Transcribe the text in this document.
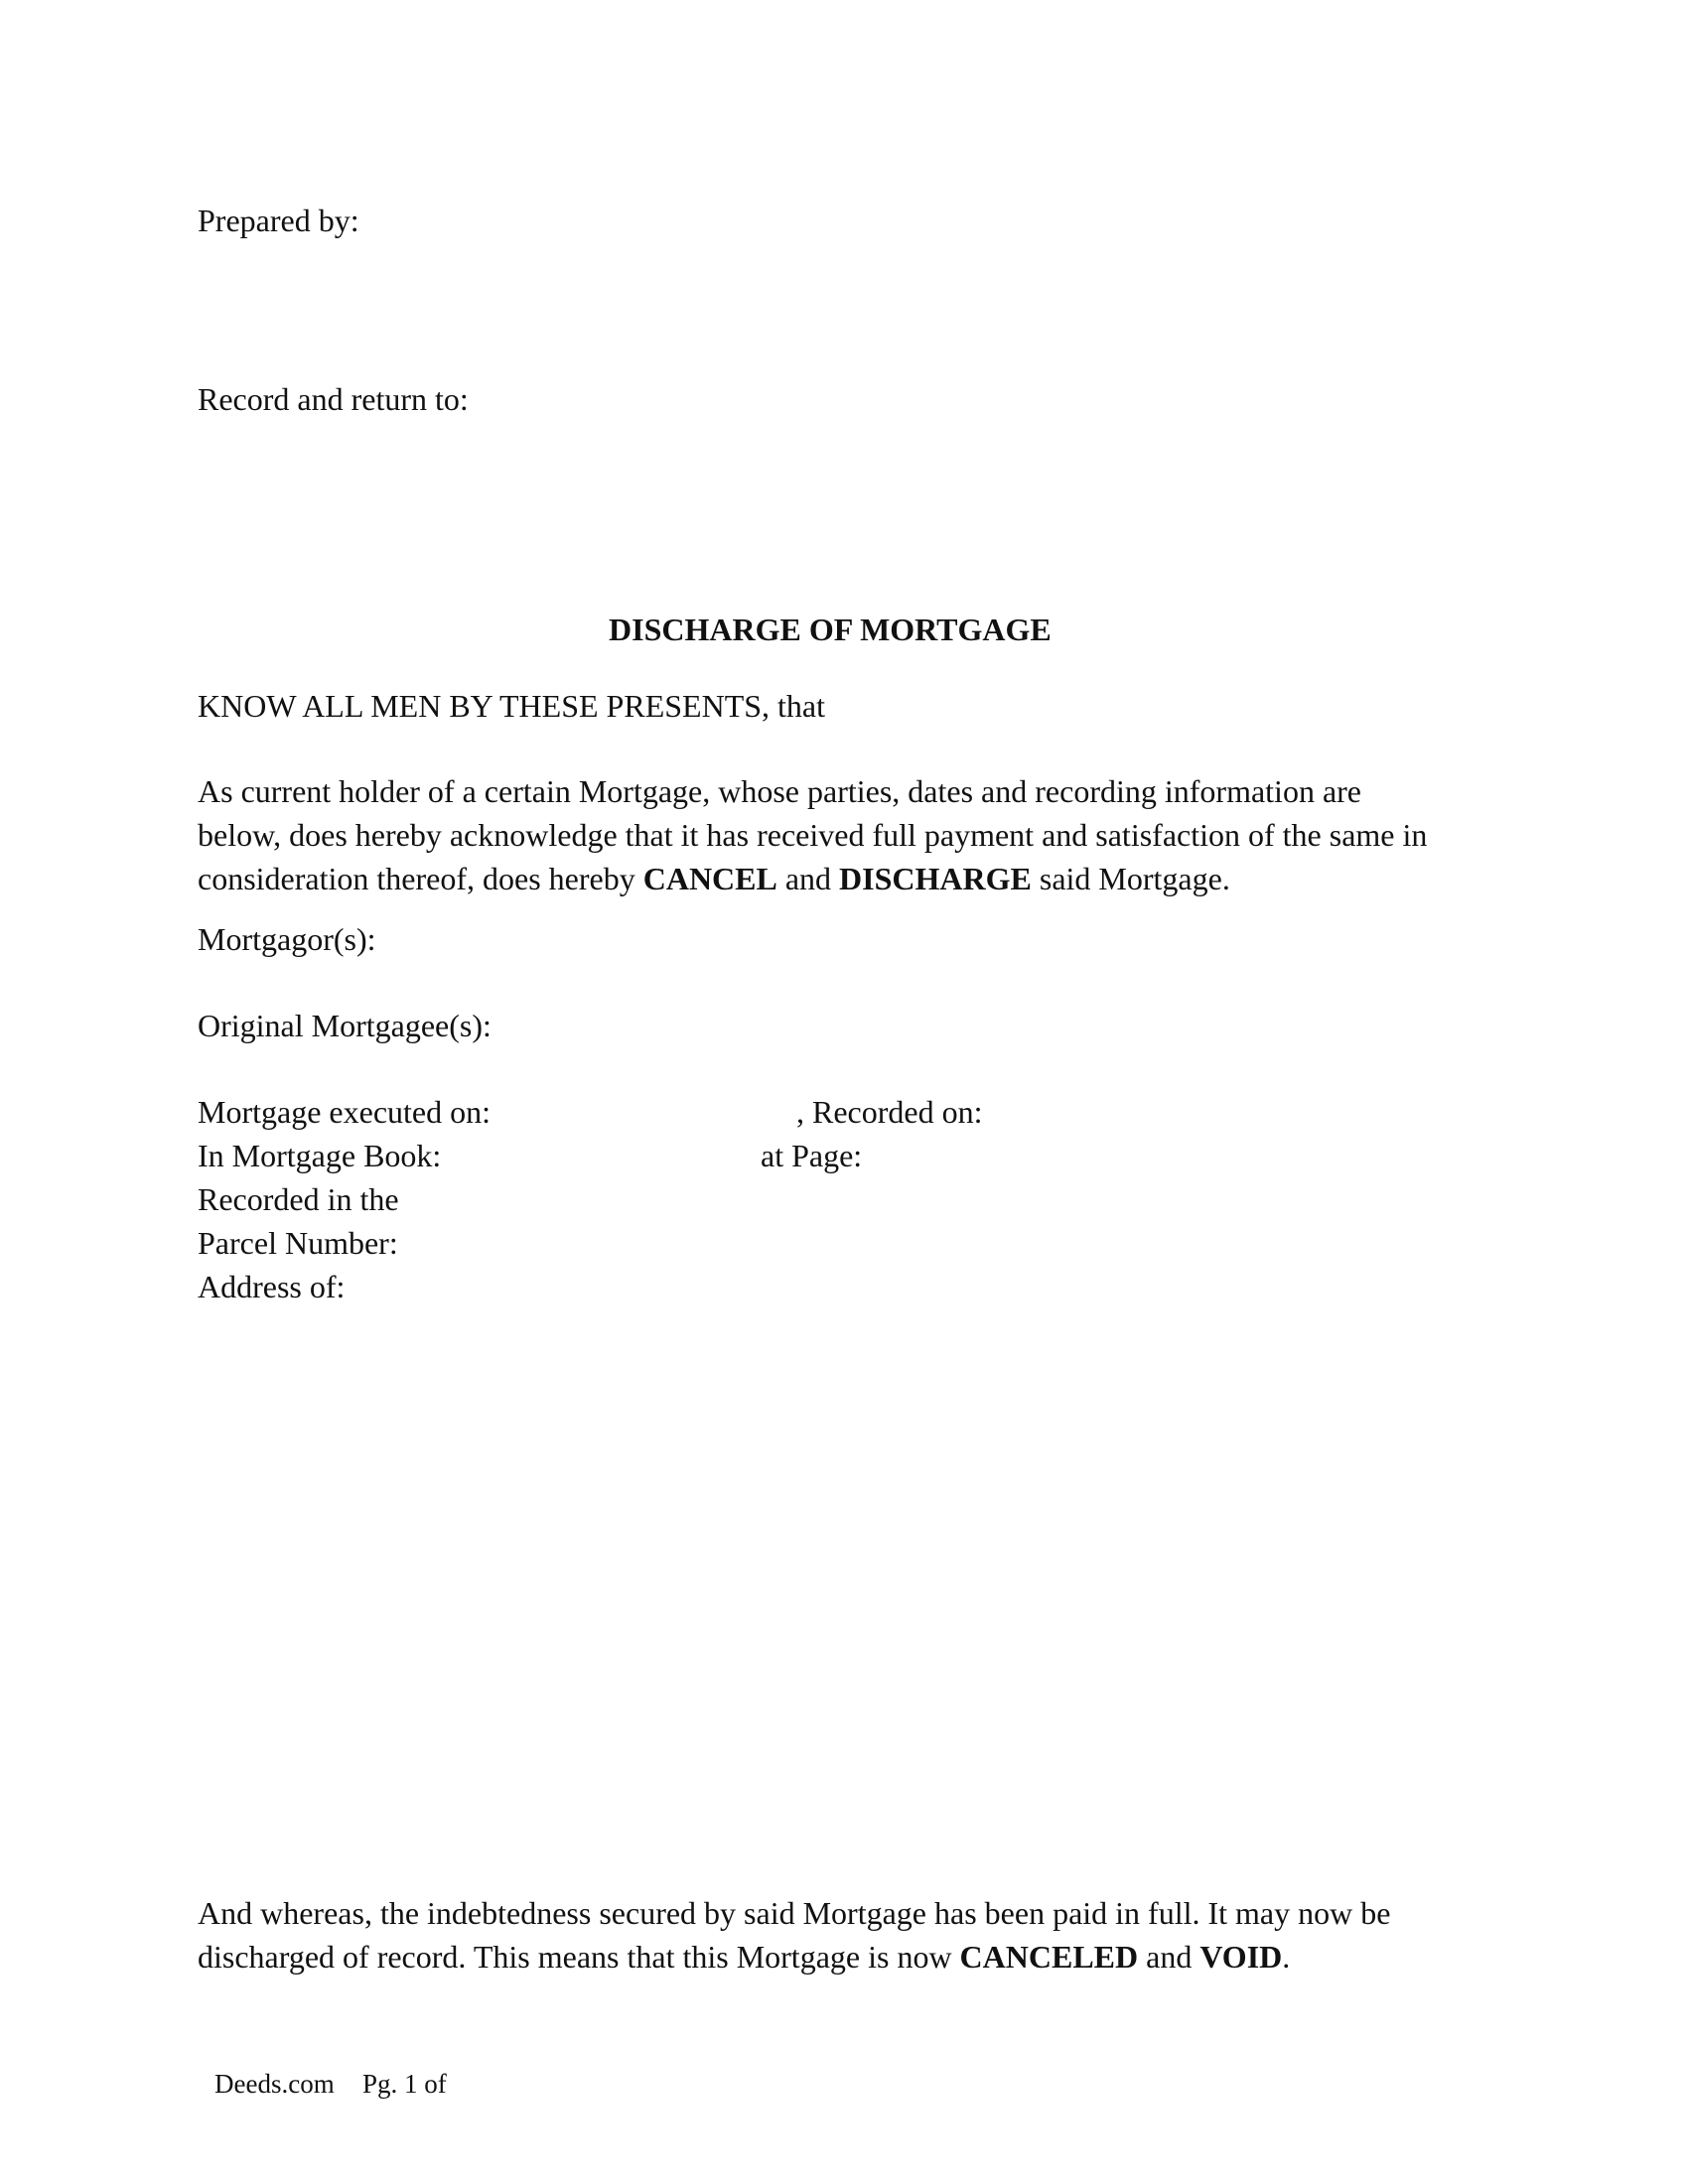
Prepared by:
Record and return to:
DISCHARGE OF MORTGAGE
KNOW ALL MEN BY THESE PRESENTS, that
As current holder of a certain Mortgage, whose parties, dates and recording information are
below, does hereby acknowledge that it has received full payment and satisfaction of the same in
consideration thereof, does hereby CANCEL and DISCHARGE said Mortgage.
Mortgagor(s):
Original Mortgagee(s):
Mortgage executed on:	, Recorded on:
In Mortgage Book:	at Page:
Recorded in the
Parcel Number:
Address of:
And whereas, the indebtedness secured by said Mortgage has been paid in full. It may now be
discharged of record. This means that this Mortgage is now CANCELED and VOID.
Deeds.com Pg. 1 of
